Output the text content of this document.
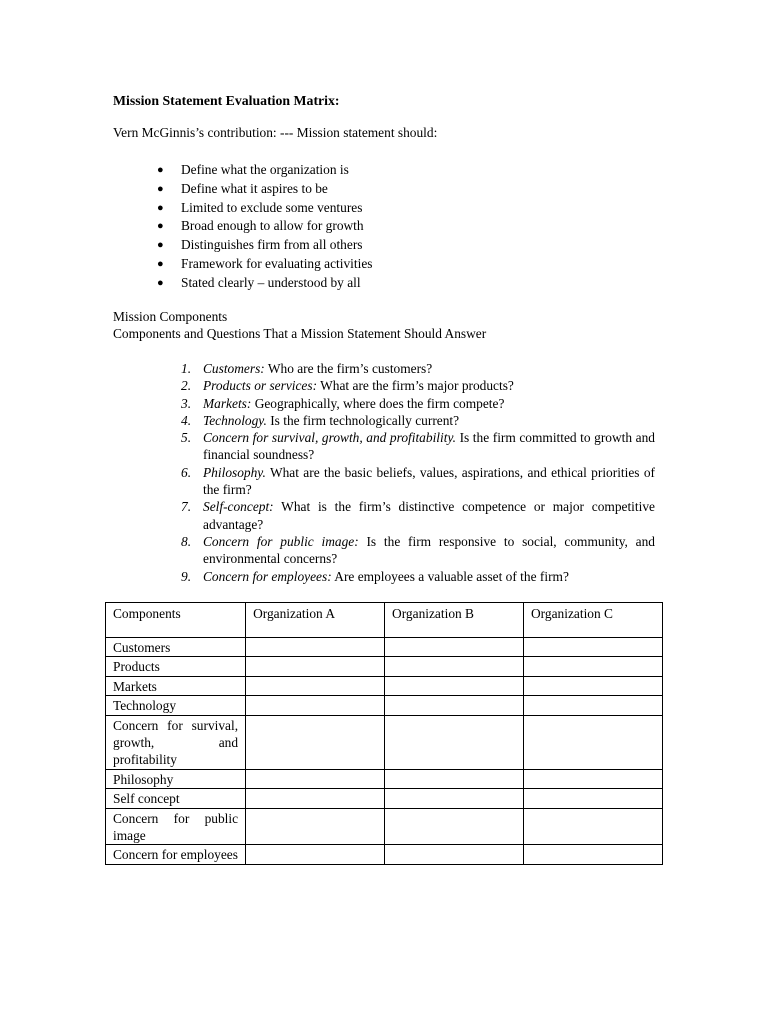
Mission Statement Evaluation Matrix:

Vern McGinnis’s contribution: --- Mission statement should:

● Define what the organization is
● Define what it aspires to be
● Limited to exclude some ventures
● Broad enough to allow for growth
● Distinguishes firm from all others
● Framework for evaluating activities
● Stated clearly – understood by all

Mission Components

Components and Questions That a Mission Statement Should Answer

1. Customers: Who are the firm’s customers?
2. Products or services: What are the firm’s major products?
3. Markets: Geographically, where does the firm compete?
4. Technology. Is the firm technologically current?
5. Concern for survival, growth, and profitability. Is the firm committed to growth and financial soundness?
6. Philosophy. What are the basic beliefs, values, aspirations, and ethical priorities of the firm?
7. Self-concept: What is the firm’s distinctive competence or major competitive advantage?
8. Concern for public image: Is the firm responsive to social, community, and environmental concerns?
9. Concern for employees: Are employees a valuable asset of the firm?
Components	Organization A	Organization B	Organization C
Customers			
Products			
Markets			
Technology			
Concern for survival, growth, and profitability			
Philosophy			
Self concept			
Concern for public image			
Concern for employees			
